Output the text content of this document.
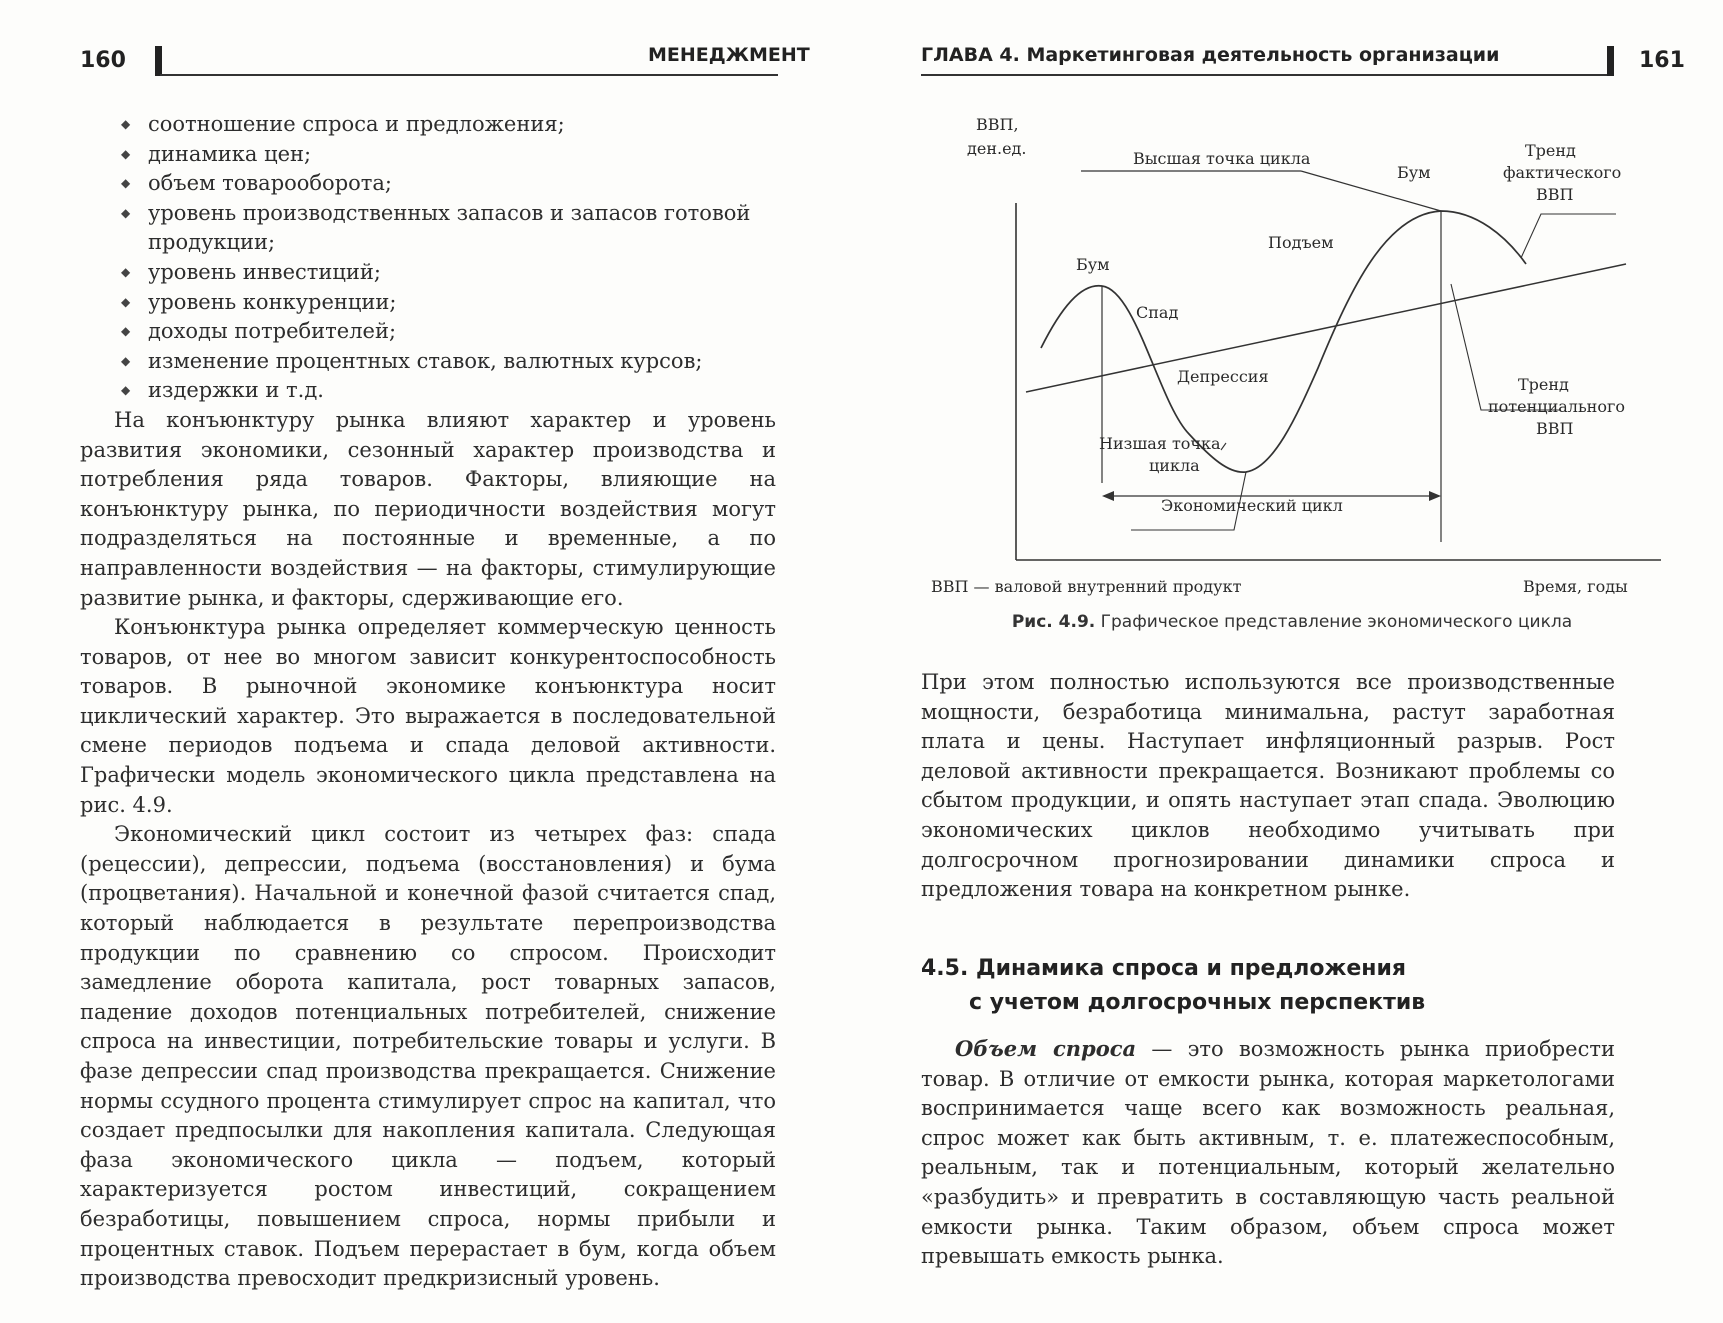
160	МЕНЕДЖМЕНТ
◆ соотношение спроса и предложения;
◆ динамика цен;
◆ объем товарооборота;
◆ уровень производственных запасов и запасов готовой продукции;
◆ уровень инвестиций;
◆ уровень конкуренции;
◆ доходы потребителей;
◆ изменение процентных ставок, валютных курсов;
◆ издержки и т.д.

На конъюнктуру рынка влияют характер и уровень развития экономики, сезонный характер производства и потребления ряда товаров. Факторы, влияющие на конъюнктуру рынка, по периодичности воздействия могут подразделяться на постоянные и временные, а по направленности воздействия — на факторы, стимулирующие развитие рынка, и факторы, сдерживающие его.

Конъюнктура рынка определяет коммерческую ценность товаров, от нее во многом зависит конкурентоспособность товаров. В рыночной экономике конъюнктура носит циклический характер. Это выражается в последовательной смене периодов подъема и спада деловой активности. Графически модель экономического цикла представлена на рис. 4.9.

Экономический цикл состоит из четырех фаз: спада (рецессии), депрессии, подъема (восстановления) и бума (процветания). Начальной и конечной фазой считается спад, который наблюдается в результате перепроизводства продукции по сравнению со спросом. Происходит замедление оборота капитала, рост товарных запасов, падение доходов потенциальных потребителей, снижение спроса на инвестиции, потребительские товары и услуги. В фазе депрессии спад производства прекращается. Снижение нормы ссудного процента стимулирует спрос на капитал, что создает предпосылки для накопления капитала. Следующая фаза экономического цикла — подъем, который характеризуется ростом инвестиций, сокращением безработицы, повышением спроса, нормы прибыли и процентных ставок. Подъем перерастает в бум, когда объем производства превосходит предкризисный уровень.

ГЛАВА 4. Маркетинговая деятельность организации	161
ВВП,
ден.ед.
Высшая точка цикла
Бум
Тренд
фактического
ВВП
Подъем
Бум
Спад
Депрессия	Тренд
потенциального
ВВП
Низшая точка
цикла
Экономический цикл
ВВП — валовой внутренний продукт	Время, годы
Рис. 4.9. Графическое представление экономического цикла

При этом полностью используются все производственные мощности, безработица минимальна, растут заработная плата и цены. Наступает инфляционный разрыв. Рост деловой активности прекращается. Возникают проблемы со сбытом продукции, и опять наступает этап спада. Эволюцию экономических циклов необходимо учитывать при долгосрочном прогнозировании динамики спроса и предложения товара на конкретном рынке.

4.5. Динамика спроса и предложения
с учетом долгосрочных перспектив

Объем спроса — это возможность рынка приобрести товар. В отличие от емкости рынка, которая маркетологами воспринимается чаще всего как возможность реальная, спрос может как быть активным, т. е. платежеспособным, реальным, так и потенциальным, который желательно «разбудить» и превратить в составляющую часть реальной емкости рынка. Таким образом, объем спроса может превышать емкость рынка.
